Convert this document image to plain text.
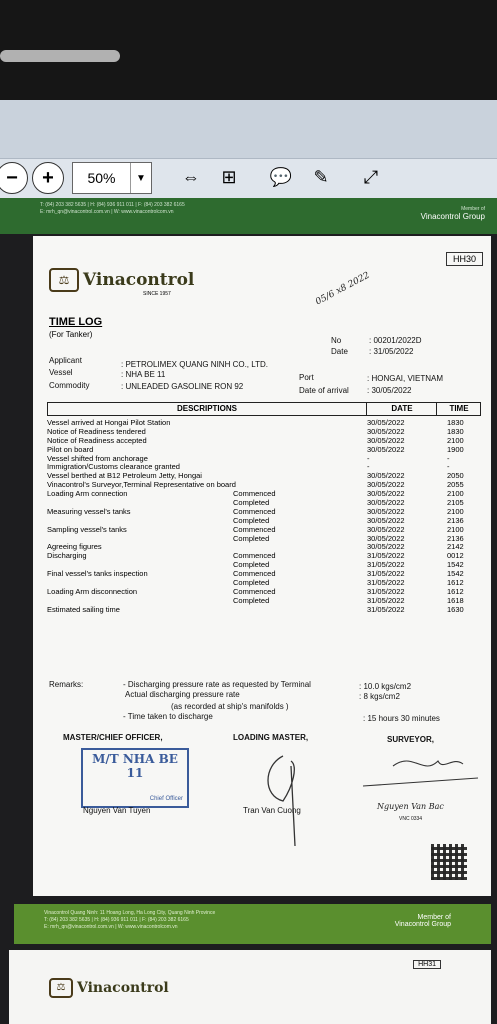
−	+	50%	▼	⇔	⊞	💬	✎	⤢
T: (84) 203 382 5635 | H: (84) 936 911 011 | F: (84) 203 382 6165
E: mrh_qn@vinacontrol.com.vn | W: www.vinacontrolcom.vn	Member of
Vinacontrol Group
HH30
⚖ Vinacontrol
SINCE 1957	05/6 x8 2022
TIME LOG
(For Tanker)
No	: 00201/2022D
Date	: 31/05/2022
Applicant	: PETROLIMEX QUANG NINH CO., LTD.
Vessel	: NHA BE 11
Commodity	: UNLEADED GASOLINE RON 92
Port	: HONGAI, VIETNAM
Date of arrival : 30/05/2022
DESCRIPTIONS	DATE	TIME
Vessel arrived at Hongai Pilot Station	30/05/2022	1830
Notice of Readiness tendered	30/05/2022	1830
Notice of Readiness accepted	30/05/2022	2100
Pilot on board	30/05/2022	1900
Vessel shifted from anchorage	-	-
Immigration/Customs clearance granted	-	-
Vessel berthed at B12 Petroleum Jetty, Hongai	30/05/2022	2050
Vinacontrol's Surveyor,Terminal Representative on board	30/05/2022	2055
Loading Arm connection	Commenced	30/05/2022	2100
Completed	30/05/2022	2105
Measuring vessel's tanks	Commenced	30/05/2022	2100
Completed	30/05/2022	2136
Sampling vessel's tanks	Commenced	30/05/2022	2100
Completed	30/05/2022	2136
Agreeing figures	30/05/2022	2142
Discharging	Commenced	31/05/2022	0012
Completed	31/05/2022	1542
Final vessel's tanks inspection	Commenced	31/05/2022	1542
Completed	31/05/2022	1612
Loading Arm disconnection	Commenced	31/05/2022	1612
Completed	31/05/2022	1618
Estimated sailing time	31/05/2022	1630
Remarks:	- Discharging pressure rate as requested by Terminal	: 10.0 kgs/cm2
Actual discharging pressure rate	: 8 kgs/cm2
(as recorded at ship's manifolds )
- Time taken to discharge	: 15 hours 30 minutes
MASTER/CHIEF OFFICER,	LOADING MASTER,	SURVEYOR,
M/T NHA BE 11
Chief Officer
Nguyen Van Tuyen	Tran Van Cuong	Nguyen Van Bac
VNC 0334
Vinacontrol Quang Ninh: 11 Hoang Long, Ha Long City, Quang Ninh Province
T: (84) 203 382 5635 | H: (84) 936 911 011 | F: (84) 203 382 6165
E: mrh_qn@vinacontrol.com.vn | W: www.vinacontrolcom.vn
Member of
Vinacontrol Group
HH31
⚖ Vinacontrol
